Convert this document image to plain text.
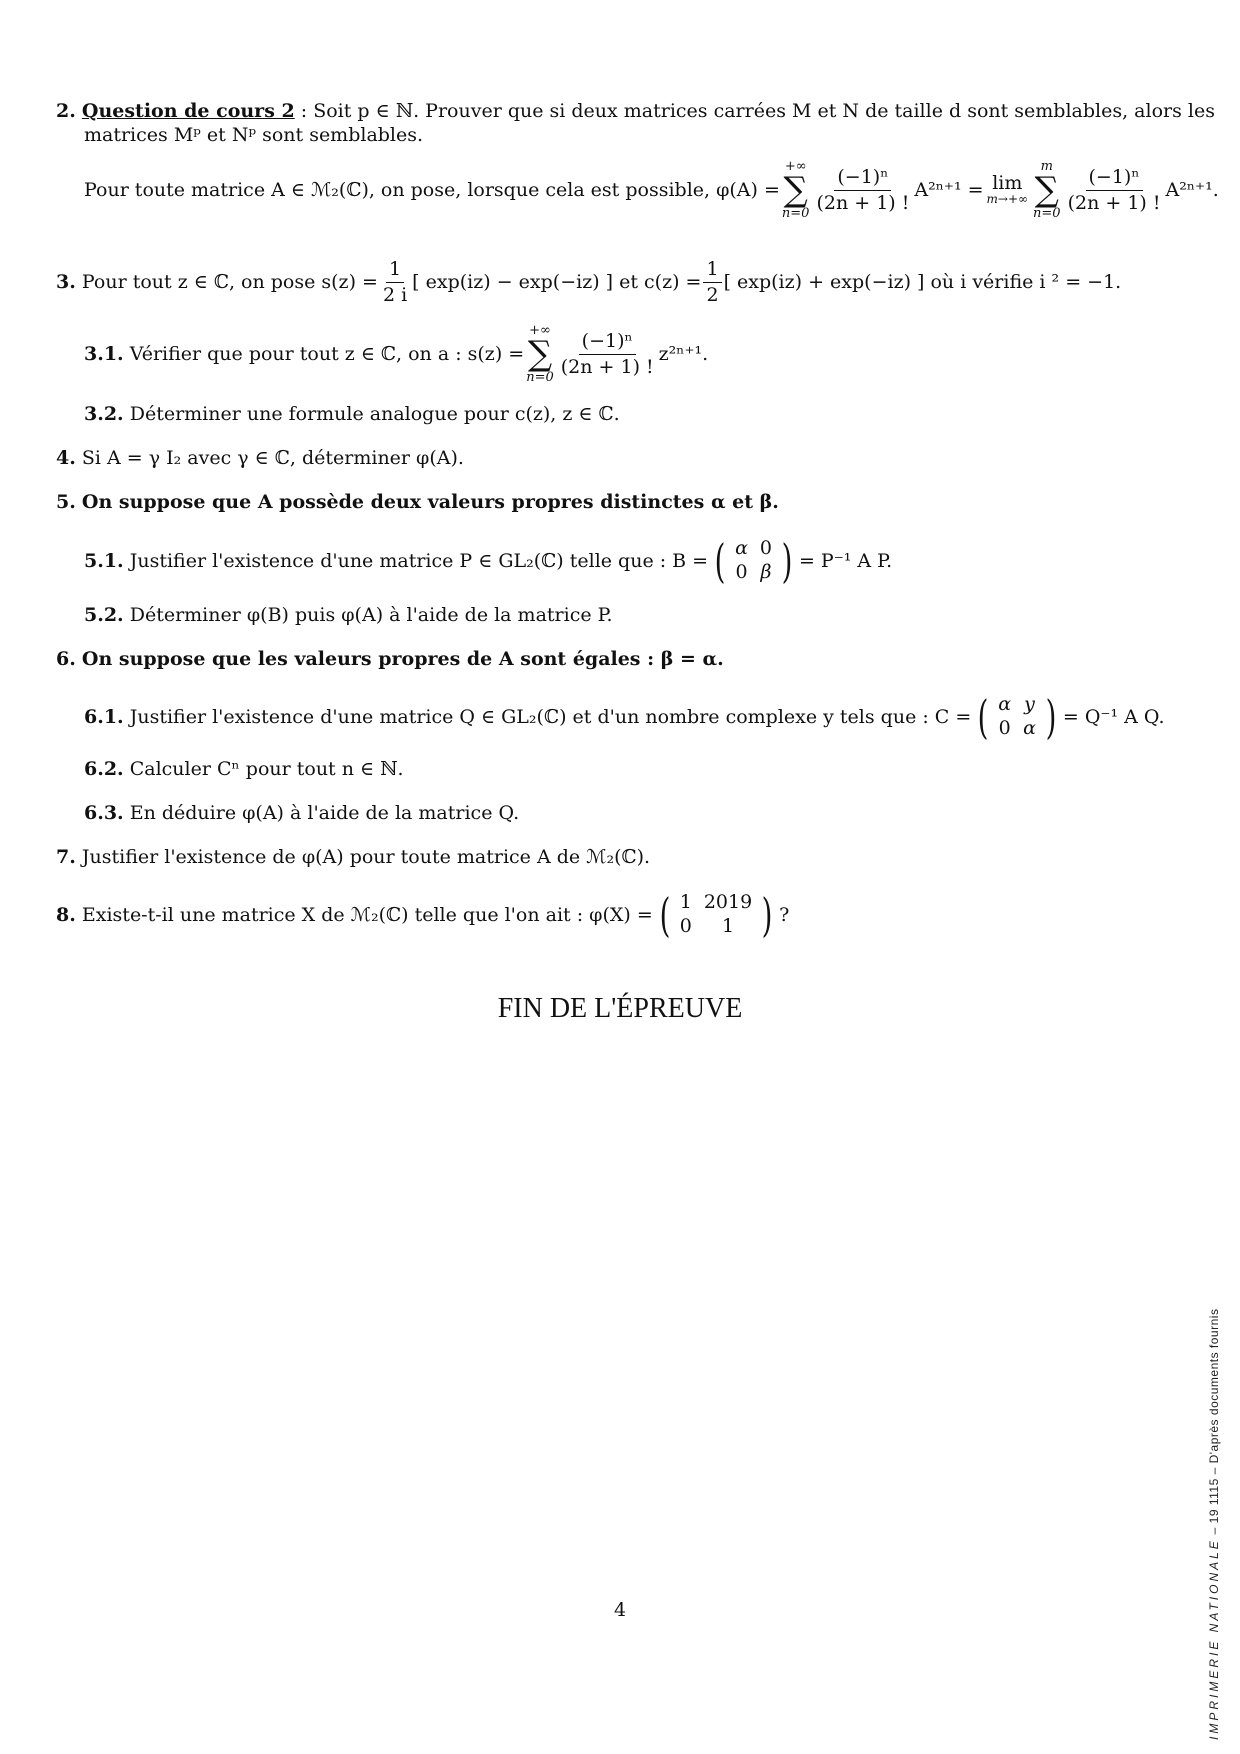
2. Question de cours 2 : Soit p ∈ ℕ. Prouver que si deux matrices carrées M et N de taille d sont semblables, alors les
matrices Mᵖ et Nᵖ sont semblables.
Pour toute matrice A ∈ ℳ₂(ℂ), on pose, lorsque cela est possible, φ(A) =
+∞
∑
n=0
$\frac{\text{(−1)ⁿ}}{(2n + 1) !} A^{2n+1} = \lim$
m→+∞
m
∑
n=0
$\frac{\text{(−1)ⁿ}}{(2n + 1) !} A^{2n+1}$.
3.
Pour tout z ∈ ℂ, on pose $s(z) = \frac{1}{2 i}$ [ exp(iz) − exp(−iz) ] et $c(z) = \frac{1}{2}$ [ exp(iz) + exp(−iz) ] où i vérifie i ² = −1.
3.1.
Vérifier que pour tout z ∈ ℂ, on a : s(z) =
+∞
∑
n=0
$\frac{\text{(−1)ⁿ}}{(2n + 1) !} z^{2n+1}$.
3.2. Déterminer une formule analogue pour c(z), z ∈ ℂ.
4. Si A = γ I₂ avec γ ∈ ℂ, déterminer φ(A).
5. On suppose que A possède deux valeurs propres distinctes α et β.
5.1.
Justifier l'existence d'une matrice P ∈ GL₂(ℂ) telle que : B = ( α	0
0	β ) = P⁻¹ A P.
5.2. Déterminer φ(B) puis φ(A) à l'aide de la matrice P.
6. On suppose que les valeurs propres de A sont égales : β = α.
6.1.
Justifier l'existence d'une matrice Q ∈ GL₂(ℂ) et d'un nombre complexe y tels que : C = ( α	y
0	α ) = Q⁻¹ A Q.
6.2. Calculer Cⁿ pour tout n ∈ ℕ.
6.3. En déduire φ(A) à l'aide de la matrice Q.
7. Justifier l'existence de φ(A) pour toute matrice A de ℳ₂(ℂ).
8.
Existe-t-il une matrice X de ℳ₂(ℂ) telle que l'on ait : φ(X) = ( 1	2019
0	1 ) ?
FIN DE L'ÉPREUVE
4	IMPRIMERIE NATIONALE – 19 1115 – D'après documents fournis
